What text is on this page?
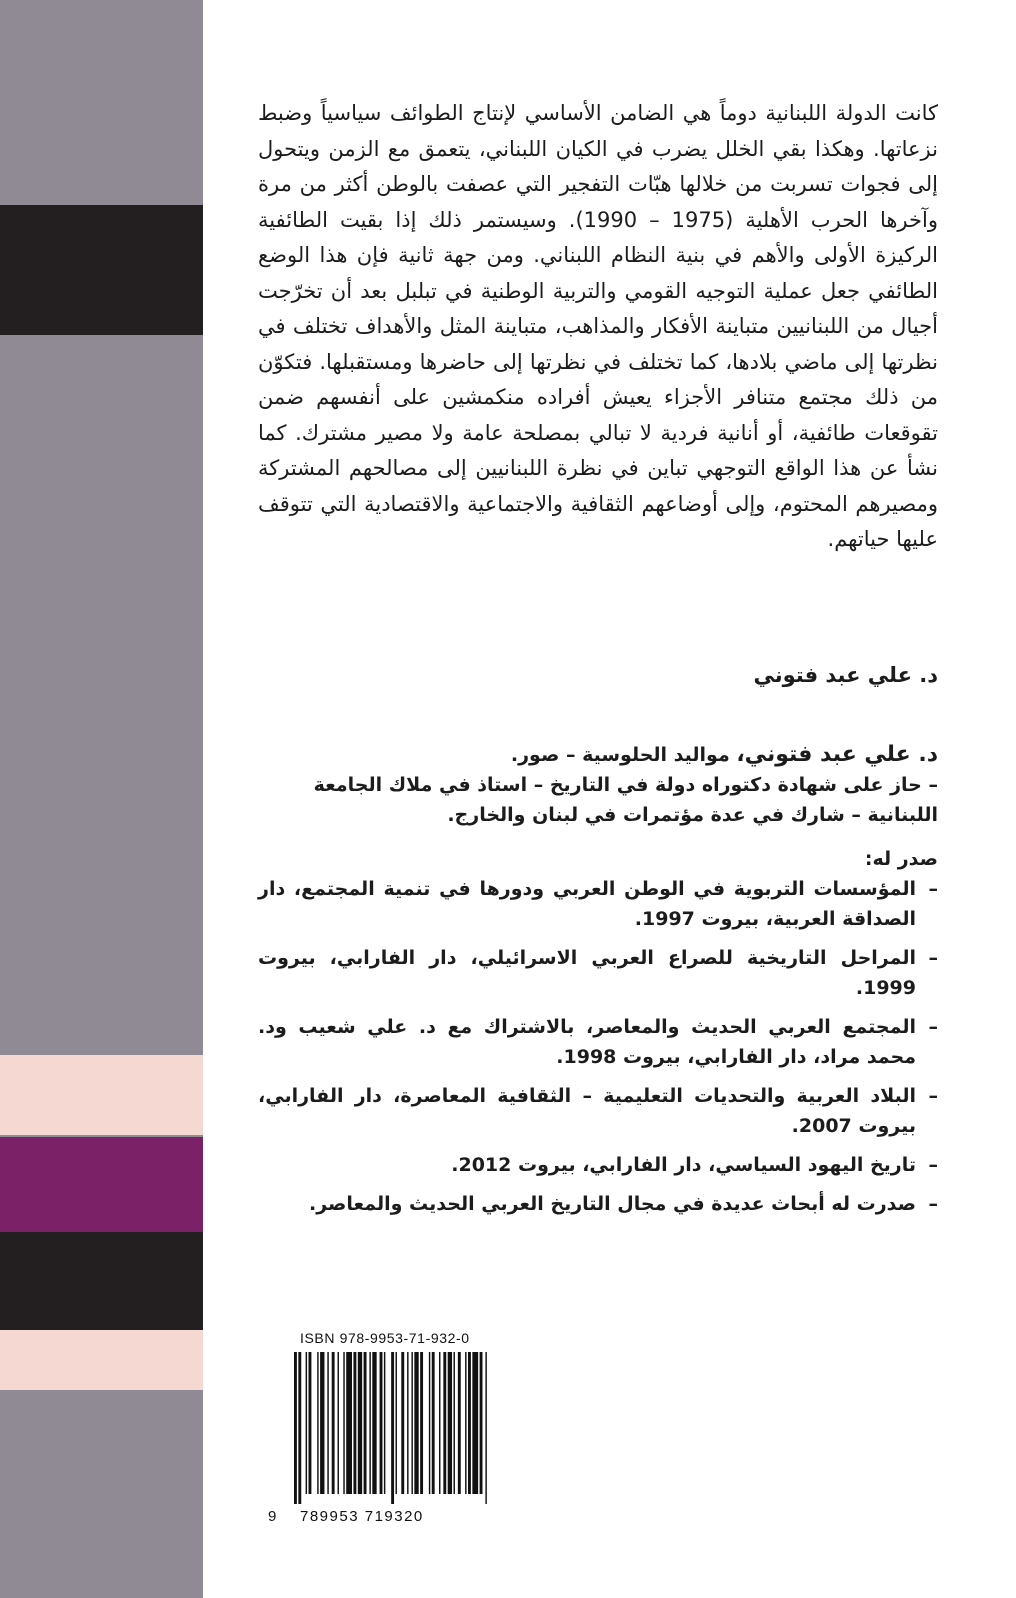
كانت الدولة اللبنانية دوماً هي الضامن الأساسي لإنتاج الطوائف سياسياً وضبط نزعاتها. وهكذا بقي الخلل يضرب في الكيان اللبناني، يتعمق مع الزمن ويتحول إلى فجوات تسربت من خلالها هبّات التفجير التي عصفت بالوطن أكثر من مرة وآخرها الحرب الأهلية (1975 – 1990). وسيستمر ذلك إذا بقيت الطائفية الركيزة الأولى والأهم في بنية النظام اللبناني. ومن جهة ثانية فإن هذا الوضع الطائفي جعل عملية التوجيه القومي والتربية الوطنية في تبلبل بعد أن تخرّجت أجيال من اللبنانيين متباينة الأفكار والمذاهب، متباينة المثل والأهداف تختلف في نظرتها إلى ماضي بلادها، كما تختلف في نظرتها إلى حاضرها ومستقبلها. فتكوّن من ذلك مجتمع متنافر الأجزاء يعيش أفراده منكمشين على أنفسهم ضمن تقوقعات طائفية، أو أنانية فردية لا تبالي بمصلحة عامة ولا مصير مشترك. كما نشأ عن هذا الواقع التوجهي تباين في نظرة اللبنانيين إلى مصالحهم المشتركة ومصيرهم المحتوم، وإلى أوضاعهم الثقافية والاجتماعية والاقتصادية التي تتوقف عليها حياتهم.
د. علي عبد فتوني

د. علي عبد فتوني، مواليد الحلوسية – صور.

– حاز على شهادة دكتوراه دولة في التاريخ – استاذ في ملاك الجامعة
اللبنانية – شارك في عدة مؤتمرات في لبنان والخارج.

صدر له:

– المؤسسات التربوية في الوطن العربي ودورها في تنمية المجتمع، دار الصداقة العربية، بيروت 1997.
– المراحل التاريخية للصراع العربي الاسرائيلي، دار الفارابي، بيروت 1999.
– المجتمع العربي الحديث والمعاصر، بالاشتراك مع د. علي شعيب ود. محمد مراد، دار الفارابي، بيروت 1998.
– البلاد العربية والتحديات التعليمية – الثقافية المعاصرة، دار الفارابي، بيروت 2007.
– تاريخ اليهود السياسي، دار الفارابي، بيروت 2012.
– صدرت له أبحاث عديدة في مجال التاريخ العربي الحديث والمعاصر.
ISBN 978-9953-71-932-0
9 789953 719320
